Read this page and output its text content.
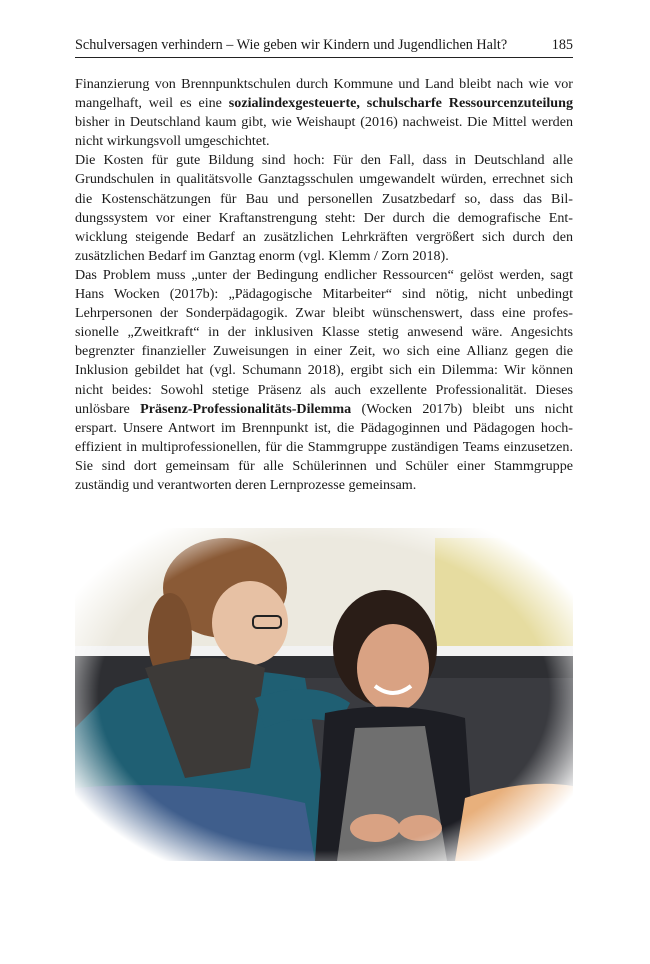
Schulversagen verhindern – Wie geben wir Kindern und Jugendlichen Halt?	185

Finanzierung von Brennpunktschulen durch Kommune und Land bleibt nach wie vor mangelhaft, weil es eine sozialindexgesteuerte, schulscharfe Ressourcenzuteilung bisher in Deutschland kaum gibt, wie Weishaupt (2016) nachweist. Die Mittel werden nicht wirkungsvoll umgeschichtet.

Die Kosten für gute Bildung sind hoch: Für den Fall, dass in Deutschland alle Grundschulen in qualitätsvolle Ganztagsschulen umgewandelt würden, errechnet sich die Kostenschätzungen für Bau und personellen Zusatzbedarf so, dass das Bildungssystem vor einer Kraftanstrengung steht: Der durch die demografische Entwicklung steigende Bedarf an zusätzlichen Lehrkräften vergrößert sich durch den zusätzlichen Bedarf im Ganztag enorm (vgl. Klemm / Zorn 2018).

Das Problem muss „unter der Bedingung endlicher Ressourcen“ gelöst werden, sagt Hans Wocken (2017b): „Pädagogische Mitarbeiter“ sind nötig, nicht unbedingt Lehrpersonen der Sonderpädagogik. Zwar bleibt wünschenswert, dass eine professionelle „Zweitkraft“ in der inklusiven Klasse stetig anwesend wäre. Angesichts begrenzter finanzieller Zuweisungen in einer Zeit, wo sich eine Allianz gegen die Inklusion gebildet hat (vgl. Schumann 2018), ergibt sich ein Dilemma: Wir können nicht beides: Sowohl stetige Präsenz als auch exzellente Professionalität. Dieses unlösbare Präsenz-Professionalitäts-Dilemma (Wocken 2017b) bleibt uns nicht erspart. Unsere Antwort im Brennpunkt ist, die Pädagoginnen und Pädagogen hocheffizient in multiprofessionellen, für die Stammgruppe zuständigen Teams einzusetzen. Sie sind dort gemeinsam für alle Schülerinnen und Schüler einer Stammgruppe zuständig und verantworten deren Lernprozesse gemeinsam.
